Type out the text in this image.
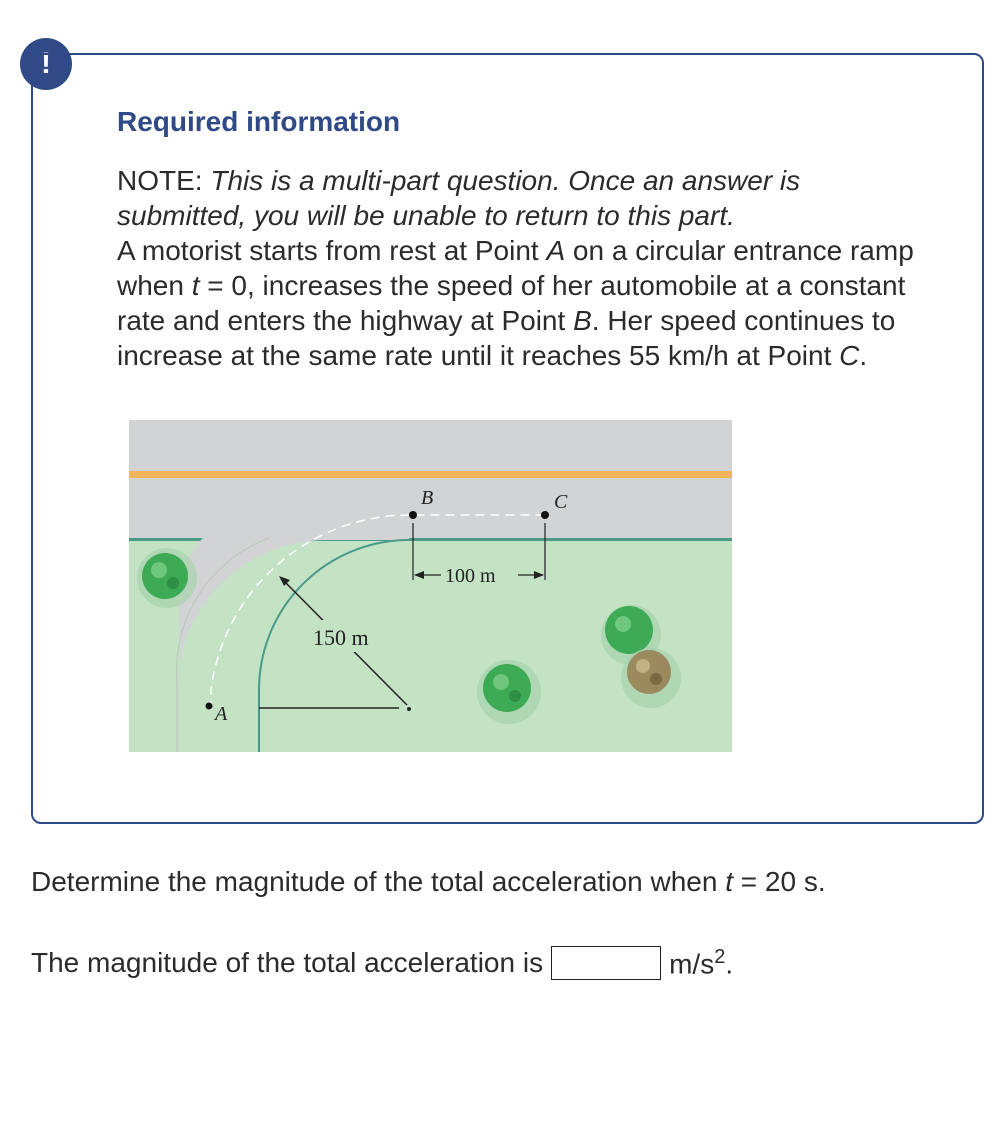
!
Required information

NOTE: This is a multi-part question. Once an answer is submitted, you will be unable to return to this part.
A motorist starts from rest at Point A on a circular entrance ramp when t = 0, increases the speed of her automobile at a constant rate and enters the highway at Point B. Her speed continues to increase at the same rate until it reaches 55 km/h at Point C.

A
B	C
150 m
100 m

Determine the magnitude of the total acceleration when t = 20 s.

The magnitude of the total acceleration is	$m/s^2$.
